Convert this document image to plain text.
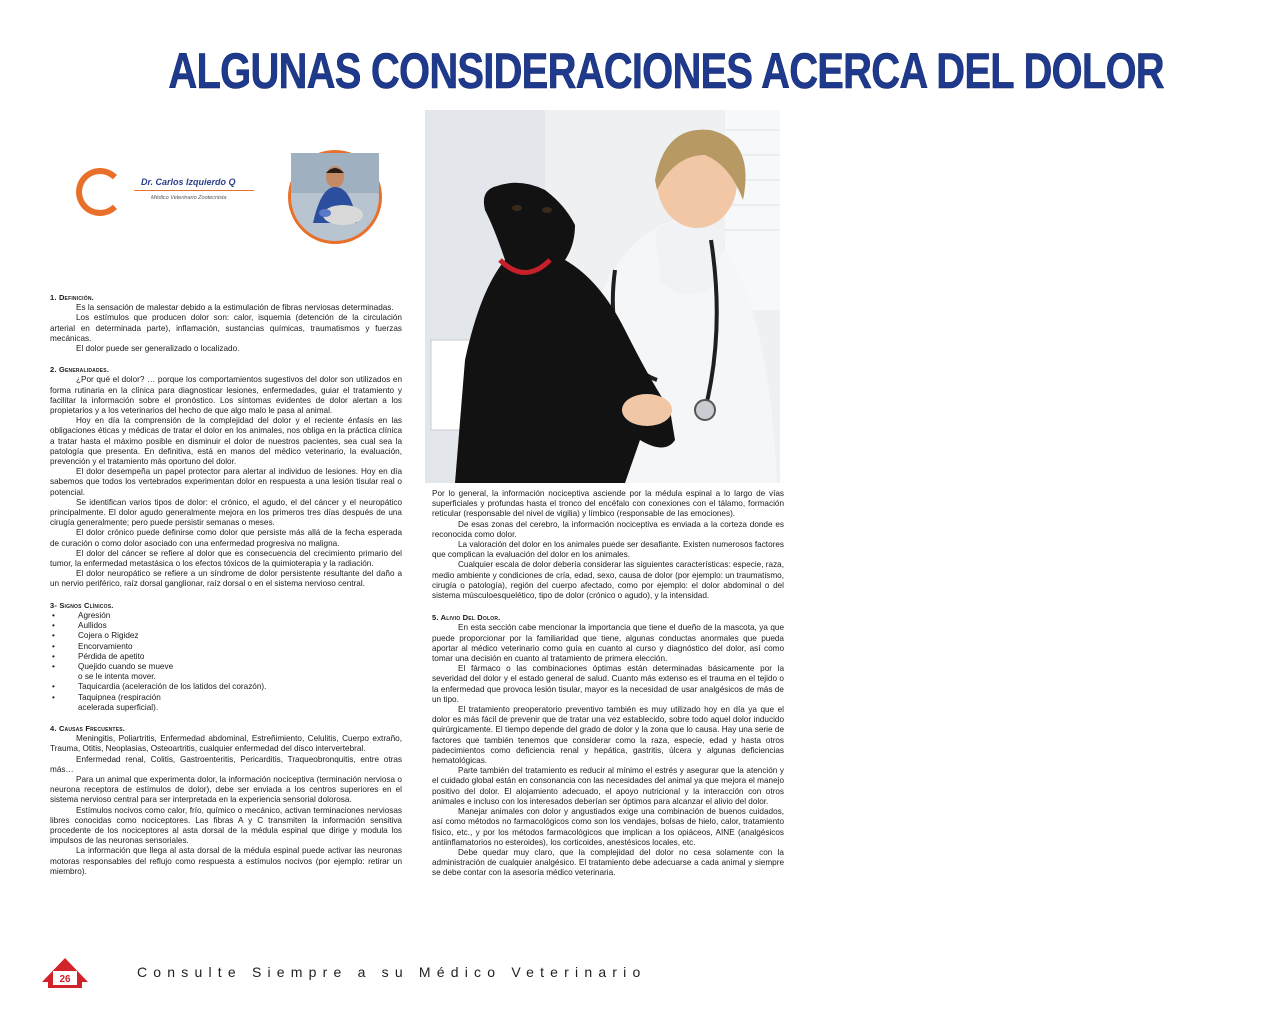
ALGUNAS CONSIDERACIONES ACERCA DEL DOLOR
Dr. Carlos Izquierdo Q
Médico Veterinario Zootecnista
1. Definición.

Es la sensación de malestar debido a la estimulación de fibras nerviosas determinadas.

Los estímulos que producen dolor son: calor, isquemia (detención de la circulación arterial en determinada parte), inflamación, sustancias químicas, traumatismos y fuerzas mecánicas.

El dolor puede ser generalizado o localizado.

2. Generalidades.

¿Por qué el dolor? … porque los comportamientos sugestivos del dolor son utilizados en forma rutinaria en la clínica para diagnosticar lesiones, enfermedades, guiar el tratamiento y facilitar la información sobre el pronóstico. Los síntomas evidentes de dolor alertan a los propietarios y a los veterinarios del hecho de que algo malo le pasa al animal.

Hoy en día la comprensión de la complejidad del dolor y el reciente énfasis en las obligaciones éticas y médicas de tratar el dolor en los animales, nos obliga en la práctica clínica a tratar hasta el máximo posible en disminuir el dolor de nuestros pacientes, sea cual sea la patología que presenta. En definitiva, está en manos del médico veterinario, la evaluación, prevención y el tratamiento más oportuno del dolor.

El dolor desempeña un papel protector para alertar al individuo de lesiones. Hoy en día sabemos que todos los vertebrados experimentan dolor en respuesta a una lesión tisular real o potencial.

Se identifican varios tipos de dolor: el crónico, el agudo, el del cáncer y el neuropático principalmente. El dolor agudo generalmente mejora en los primeros tres días después de una cirugía generalmente; pero puede persistir semanas o meses.

El dolor crónico puede definirse como dolor que persiste más allá de la fecha esperada de curación o como dolor asociado con una enfermedad progresiva no maligna.

El dolor del cáncer se refiere al dolor que es consecuencia del crecimiento primario del tumor, la enfermedad metastásica o los efectos tóxicos de la quimioterapia y la radiación.

El dolor neuropático se refiere a un síndrome de dolor persistente resultante del daño a un nervio periférico, raíz dorsal ganglionar, raíz dorsal o en el sistema nervioso central.

3- Signos Clínicos.
• Agresión
• Aullidos
• Cojera o Rigidez
• Encorvamiento
• Pérdida de apetito
• Quejido cuando se mueve
o se le intenta mover.
• Taquicardia (aceleración de los latidos del corazón).
• Taquipnea (respiración
acelerada superficial).
4. Causas Frecuentes.

Meningitis, Poliartritis, Enfermedad abdominal, Estreñimiento, Celulitis, Cuerpo extraño, Trauma, Otitis, Neoplasias, Osteoartritis, cualquier enfermedad del disco intervertebral.

Enfermedad renal, Colitis, Gastroenteritis, Pericarditis, Traqueobronquitis, entre otras más…

Para un animal que experimenta dolor, la información nociceptiva (terminación nerviosa o neurona receptora de estímulos de dolor), debe ser enviada a los centros superiores en el sistema nervioso central para ser interpretada en la experiencia sensorial dolorosa.

Estímulos nocivos como calor, frío, químico o mecánico, activan terminaciones nerviosas libres conocidas como nociceptores. Las fibras A y C transmiten la información sensitiva procedente de los nociceptores al asta dorsal de la médula espinal que dirige y modula los impulsos de las neuronas sensoriales.

La información que llega al asta dorsal de la médula espinal puede activar las neuronas motoras responsables del reflujo como respuesta a estímulos nocivos (por ejemplo: retirar un miembro).

Por lo general, la información nociceptiva asciende por la médula espinal a lo largo de vías superficiales y profundas hasta el tronco del encéfalo con conexiones con el tálamo, formación reticular (responsable del nivel de vigilia) y límbico (responsable de las emociones).

De esas zonas del cerebro, la información nociceptiva es enviada a la corteza donde es reconocida como dolor.

La valoración del dolor en los animales puede ser desafiante. Existen numerosos factores que complican la evaluación del dolor en los animales.

Cualquier escala de dolor debería considerar las siguientes características: especie, raza, medio ambiente y condiciones de cría, edad, sexo, causa de dolor (por ejemplo: un traumatismo, cirugía o patología), región del cuerpo afectado, como por ejemplo: el dolor abdominal o del sistema músculoesquelético, tipo de dolor (crónico o agudo), y la intensidad.

5. Alivio Del Dolor.

En esta sección cabe mencionar la importancia que tiene el dueño de la mascota, ya que puede proporcionar por la familiaridad que tiene, algunas conductas anormales que pueda aportar al médico veterinario como guía en cuanto al curso y diagnóstico del dolor, así como tomar una decisión en cuanto al tratamiento de primera elección.

El fármaco o las combinaciones óptimas están determinadas básicamente por la severidad del dolor y el estado general de salud. Cuanto más extenso es el trauma en el tejido o la enfermedad que provoca lesión tisular, mayor es la necesidad de usar analgésicos de más de un tipo.

El tratamiento preoperatorio preventivo también es muy utilizado hoy en día ya que el dolor es más fácil de prevenir que de tratar una vez establecido, sobre todo aquel dolor inducido quirúrgicamente. El tiempo depende del grado de dolor y la zona que lo causa. Hay una serie de factores que también tenemos que considerar como la raza, especie, edad y hasta otros padecimientos como deficiencia renal y hepática, gastritis, úlcera y algunas deficiencias hematológicas.

Parte también del tratamiento es reducir al mínimo el estrés y asegurar que la atención y el cuidado global están en consonancia con las necesidades del animal ya que mejora el manejo positivo del dolor. El alojamiento adecuado, el apoyo nutricional y la interacción con otros animales e incluso con los interesados deberían ser óptimos para alcanzar el alivio del dolor.

Manejar animales con dolor y angustiados exige una combinación de buenos cuidados, así como métodos no farmacológicos como son los vendajes, bolsas de hielo, calor, tratamiento físico, etc., y por los métodos farmacológicos que implican a los opiáceos, AINE (analgésicos antiinflamatorios no esteroides), los corticoides, anestésicos locales, etc.

Debe quedar muy claro, que la complejidad del dolor no cesa solamente con la administración de cualquier analgésico. El tratamiento debe adecuarse a cada animal y siempre se debe contar con la asesoría médico veterinaria.

26	Consulte Siempre a su Médico Veterinario
